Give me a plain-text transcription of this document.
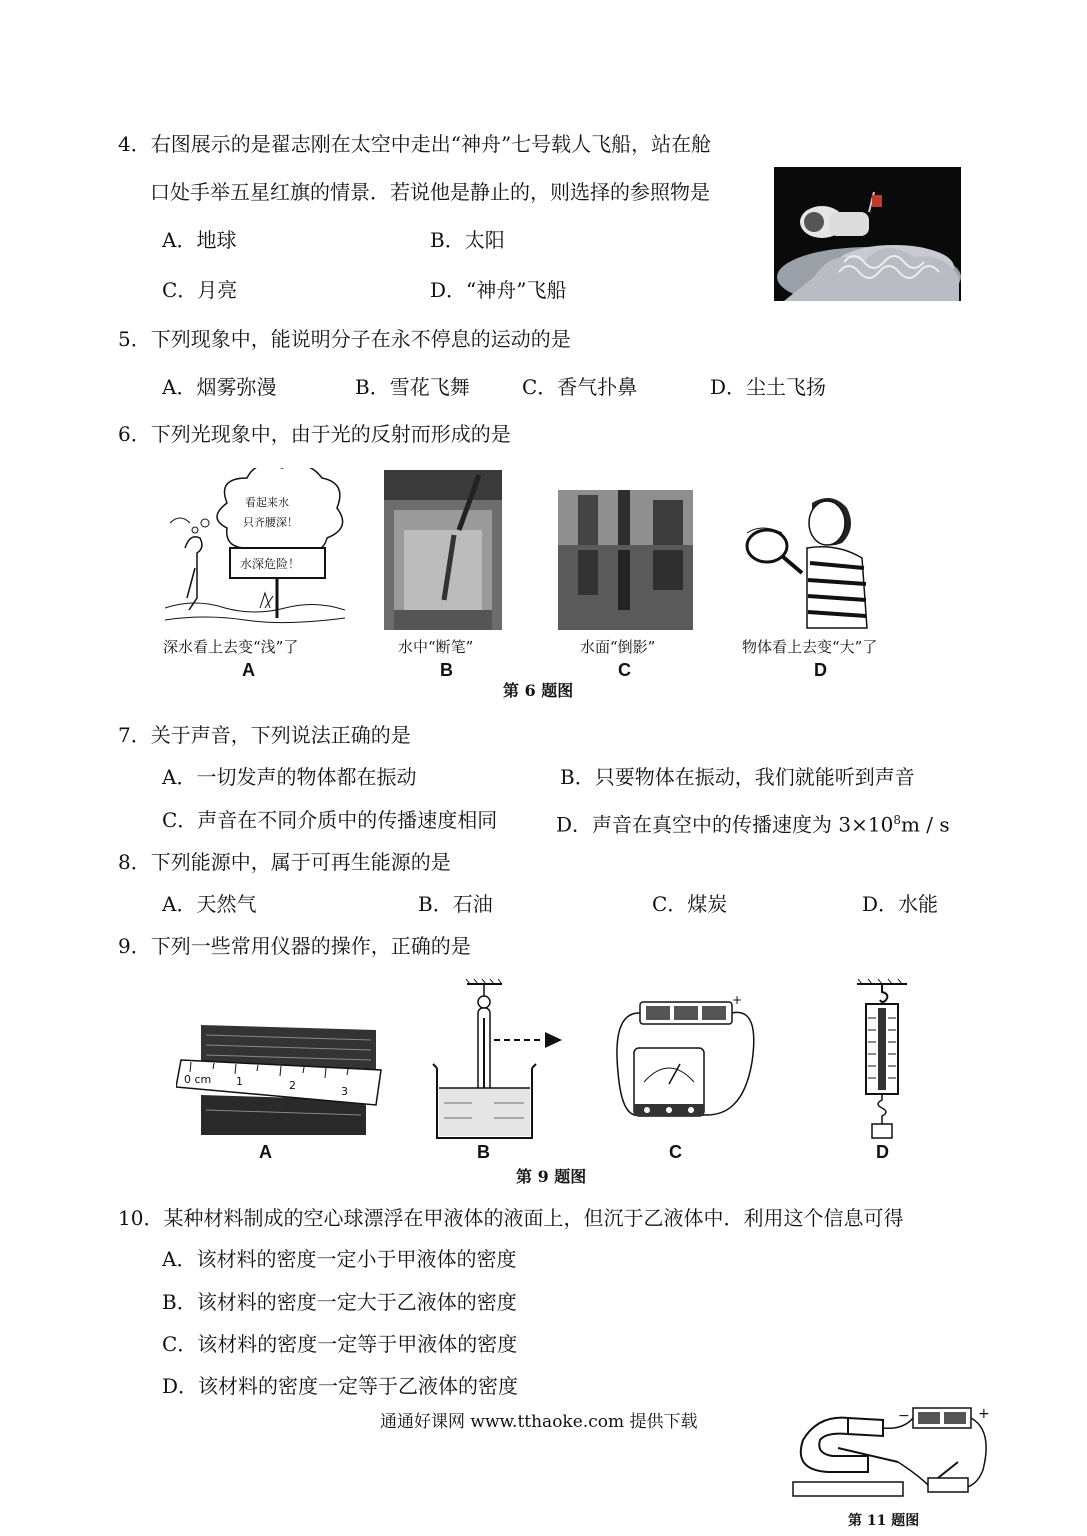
4．右图展示的是翟志刚在太空中走出“神舟”七号载人飞船，站在舱
口处手举五星红旗的情景．若说他是静止的，则选择的参照物是
A．地球	B．太阳
C．月亮	D．“神舟”飞船
5．下列现象中，能说明分子在永不停息的运动的是
A．烟雾弥漫	B．雪花飞舞	C．香气扑鼻	D．尘土飞扬
6．下列光现象中，由于光的反射而形成的是
看起来水
只齐腰深！
水深危险！
深水看上去变“浅”了
A
水中“断笔”
B
水面“倒影”
C
物体看上去变“大”了
D
第 6 题图
7．关于声音，下列说法正确的是
A．一切发声的物体都在振动	B．只要物体在振动，我们就能听到声音
C．声音在不同介质中的传播速度相同	D．声音在真空中的传播速度为 $3\times 10^8m / s$
8．下列能源中，属于可再生能源的是
A．天然气	B．石油	C．煤炭	D．水能
9．下列一些常用仪器的操作，正确的是
0 cm 1	2	3
A	B
+
C	D
第 9 题图
10．某种材料制成的空心球漂浮在甲液体的液面上，但沉于乙液体中．利用这个信息可得
A．该材料的密度一定小于甲液体的密度
B．该材料的密度一定大于乙液体的密度
C．该材料的密度一定等于甲液体的密度
D．该材料的密度一定等于乙液体的密度
通通好课网 www.tthaoke.com 提供下载	−	+
第 11 题图
